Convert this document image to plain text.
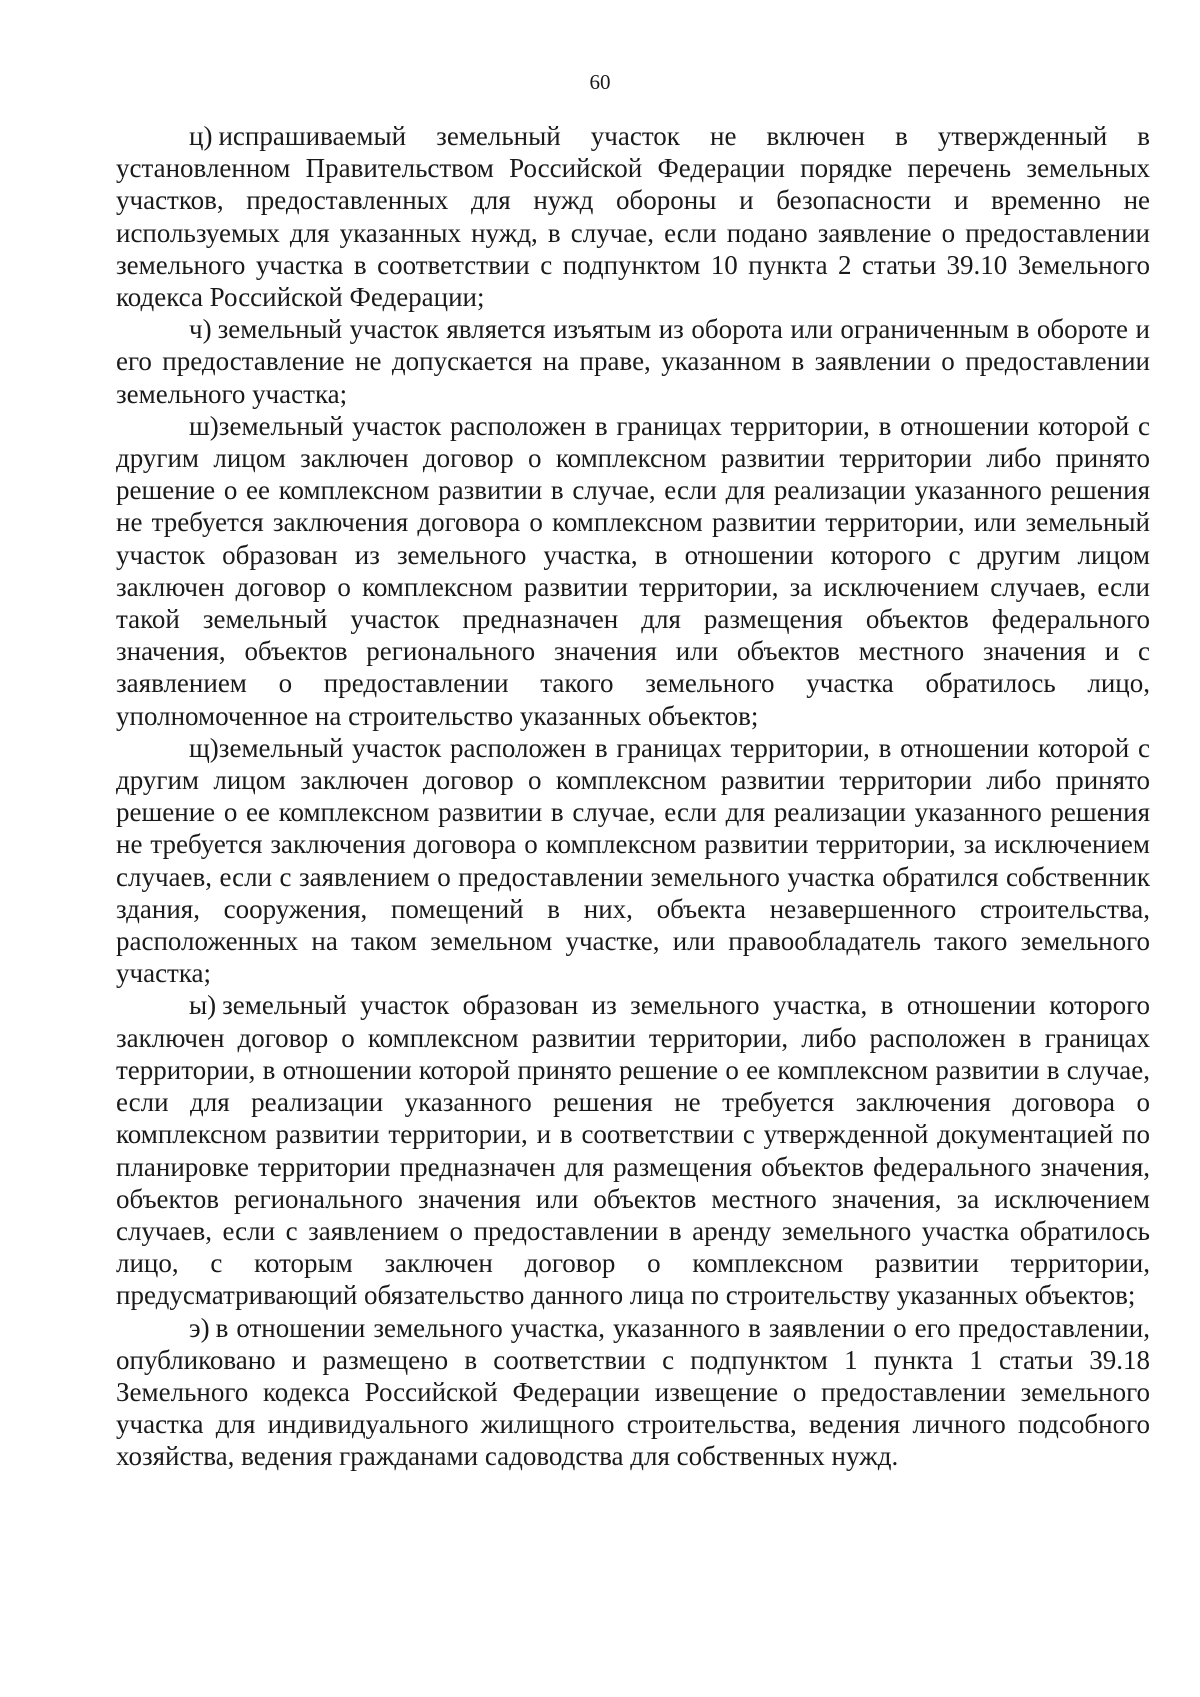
60

ц) испрашиваемый земельный участок не включен в утвержденный в установленном Правительством Российской Федерации порядке перечень земельных участков, предоставленных для нужд обороны и безопасности и временно не используемых для указанных нужд, в случае, если подано заявление о предоставлении земельного участка в соответствии с подпунктом 10 пункта 2 статьи 39.10 Земельного кодекса Российской Федерации;

ч) земельный участок является изъятым из оборота или ограниченным в обороте и его предоставление не допускается на праве, указанном в заявлении о предоставлении земельного участка;

ш)земельный участок расположен в границах территории, в отношении которой с другим лицом заключен договор о комплексном развитии территории либо принято решение о ее комплексном развитии в случае, если для реализации указанного решения не требуется заключения договора о комплексном развитии территории, или земельный участок образован из земельного участка, в отношении которого с другим лицом заключен договор о комплексном развитии территории, за исключением случаев, если такой земельный участок предназначен для размещения объектов федерального значения, объектов регионального значения или объектов местного значения и с заявлением о предоставлении такого земельного участка обратилось лицо, уполномоченное на строительство указанных объектов;

щ)земельный участок расположен в границах территории, в отношении которой с другим лицом заключен договор о комплексном развитии территории либо принято решение о ее комплексном развитии в случае, если для реализации указанного решения не требуется заключения договора о комплексном развитии территории, за исключением случаев, если с заявлением о предоставлении земельного участка обратился собственник здания, сооружения, помещений в них, объекта незавершенного строительства, расположенных на таком земельном участке, или правообладатель такого земельного участка;

ы) земельный участок образован из земельного участка, в отношении которого заключен договор о комплексном развитии территории, либо расположен в границах территории, в отношении которой принято решение о ее комплексном развитии в случае, если для реализации указанного решения не требуется заключения договора о комплексном развитии территории, и в соответствии с утвержденной документацией по планировке территории предназначен для размещения объектов федерального значения, объектов регионального значения или объектов местного значения, за исключением случаев, если с заявлением о предоставлении в аренду земельного участка обратилось лицо, с которым заключен договор о комплексном развитии территории, предусматривающий обязательство данного лица по строительству указанных объектов;

э) в отношении земельного участка, указанного в заявлении о его предоставлении, опубликовано и размещено в соответствии с подпунктом 1 пункта 1 статьи 39.18 Земельного кодекса Российской Федерации извещение о предоставлении земельного участка для индивидуального жилищного строительства, ведения личного подсобного хозяйства, ведения гражданами садоводства для собственных нужд.
